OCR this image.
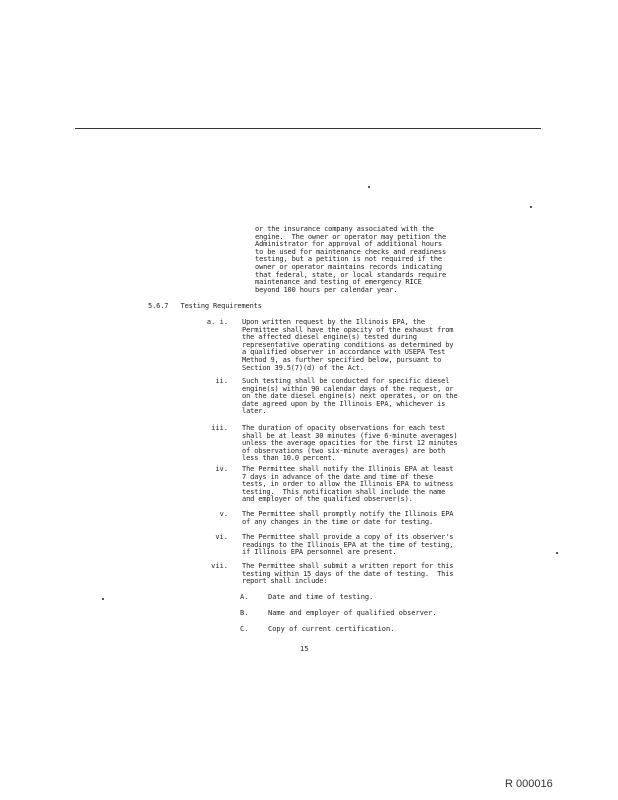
or the insurance company associated with the
engine.  The owner or operator may petition the
Administrator for approval of additional hours
to be used for maintenance checks and readiness
testing, but a petition is not required if the
owner or operator maintains records indicating
that federal, state, or local standards require
maintenance and testing of emergency RICE
beyond 100 hours per calendar year.
5.6.7   Testing Requirements
a. i. Upon written request by the Illinois EPA, the
Permittee shall have the opacity of the exhaust from
the affected diesel engine(s) tested during
representative operating conditions as determined by
a qualified observer in accordance with USEPA Test
Method 9, as further specified below, pursuant to
Section 39.5(7)(d) of the Act.
ii. Such testing shall be conducted for specific diesel
engine(s) within 90 calendar days of the request, or
on the date diesel engine(s) next operates, or on the
date agreed upon by the Illinois EPA, whichever is
later.
iii. The duration of opacity observations for each test
shall be at least 30 minutes (five 6-minute averages)
unless the average opacities for the first 12 minutes
of observations (two six-minute averages) are both
less than 10.0 percent.
iv. The Permittee shall notify the Illinois EPA at least
7 days in advance of the date and time of these
tests, in order to allow the Illinois EPA to witness
testing.  This notification shall include the name
and employer of the qualified observer(s).
v. The Permittee shall promptly notify the Illinois EPA
of any changes in the time or date for testing.
vi. The Permittee shall provide a copy of its observer's
readings to the Illinois EPA at the time of testing,
if Illinois EPA personnel are present.
vii. The Permittee shall submit a written report for this
testing within 15 days of the date of testing.  This
report shall include:
A.	Date and time of testing.
B.	Name and employer of qualified observer.
C.	Copy of current certification.
15
R 000016
